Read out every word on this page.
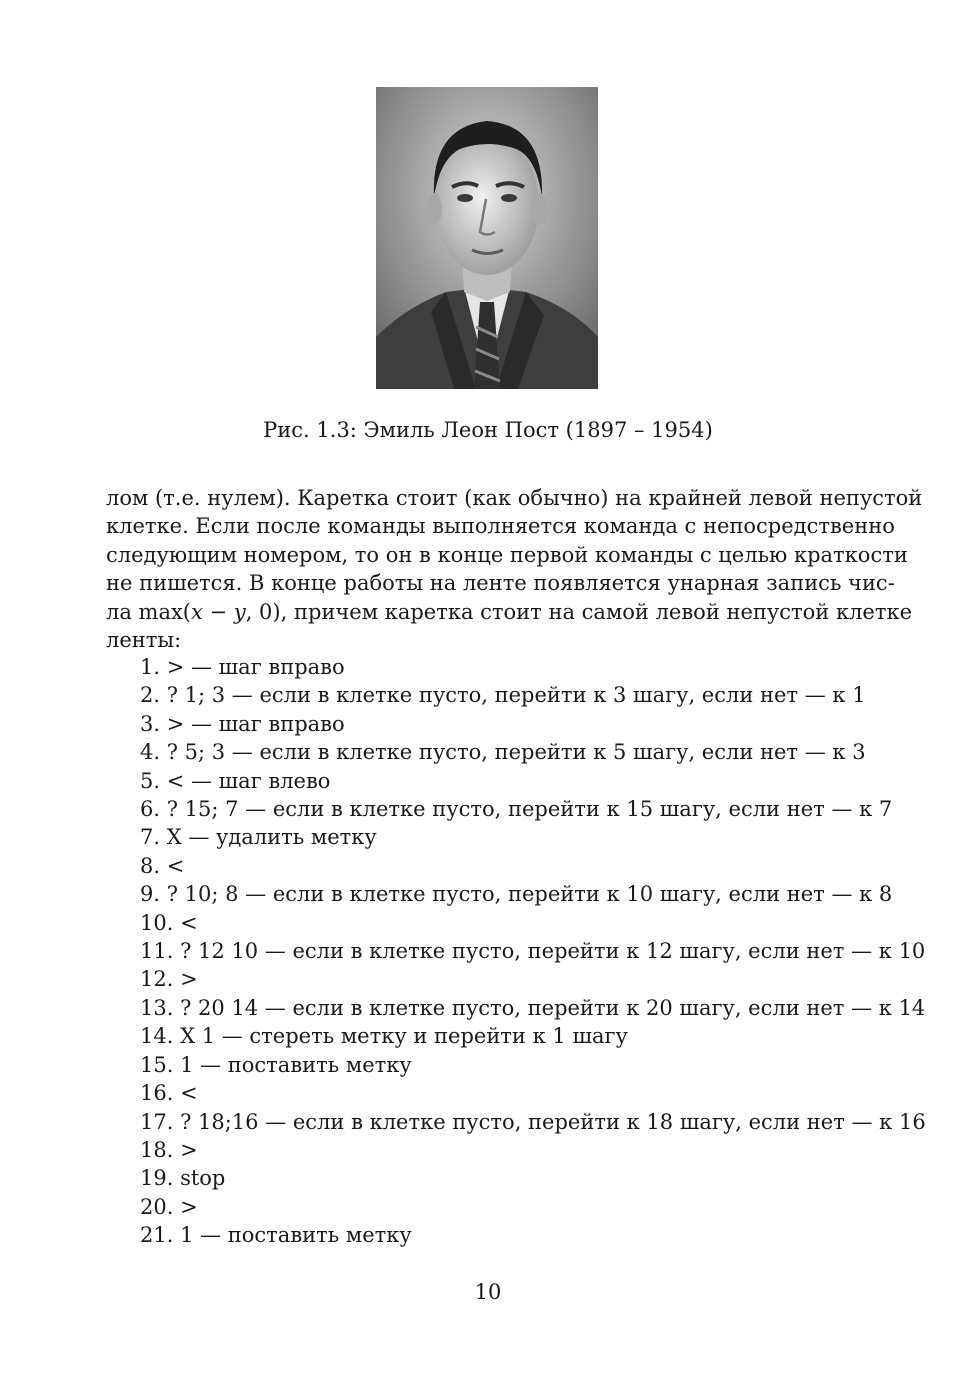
Рис. 1.3: Эмиль Леон Пост (1897 – 1954)
лом (т.е. нулем). Каретка стоит (как обычно) на крайней левой непустой
клетке. Если после команды выполняется команда с непосредственно
следующим номером, то он в конце первой команды с целью краткости
не пишется. В конце работы на ленте появляется унарная запись чис-
ла max(x − y, 0), причем каретка стоит на самой левой непустой клетке
ленты:
1. > — шаг вправо
2. ? 1; 3 — если в клетке пусто, перейти к 3 шагу, если нет — к 1
3. > — шаг вправо
4. ? 5; 3 — если в клетке пусто, перейти к 5 шагу, если нет — к 3
5. < — шаг влево
6. ? 15; 7 — если в клетке пусто, перейти к 15 шагу, если нет — к 7
7. X — удалить метку
8. <
9. ? 10; 8 — если в клетке пусто, перейти к 10 шагу, если нет — к 8
10. <
11. ? 12 10 — если в клетке пусто, перейти к 12 шагу, если нет — к 10
12. >
13. ? 20 14 — если в клетке пусто, перейти к 20 шагу, если нет — к 14
14. X 1 — стереть метку и перейти к 1 шагу
15. 1 — поставить метку
16. <
17. ? 18;16 — если в клетке пусто, перейти к 18 шагу, если нет — к 16
18. >
19. stop
20. >
21. 1 — поставить метку
10
